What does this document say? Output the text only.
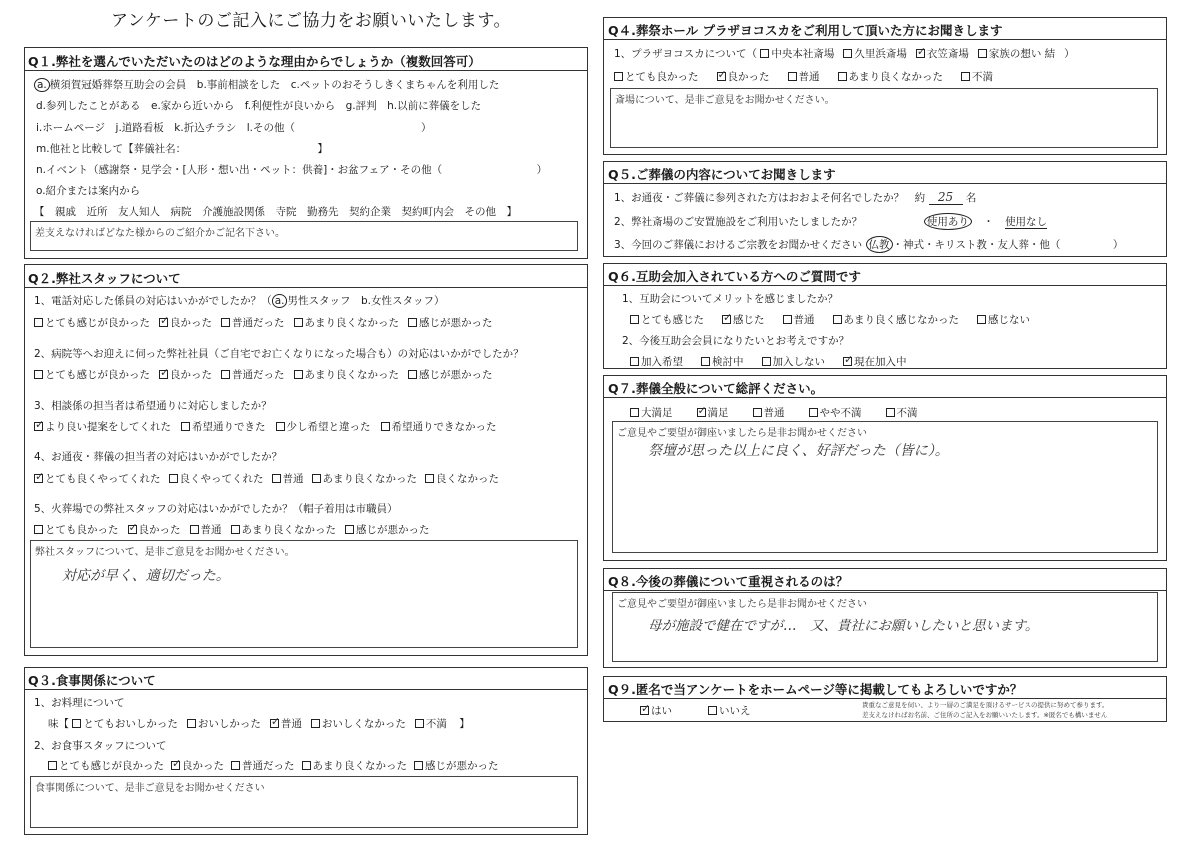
アンケートのご記入にご協力をお願いいたします。
Q１.弊社を選んでいただいたのはどのような理由からでしょうか（複数回答可）
a. 横須賀冠婚葬祭互助会の会員　b.事前相談をした　c.ペットのおそうしきくまちゃんを利用した
d.参列したことがある　e.家から近いから　f.利便性が良いから　g.評判　h.以前に葬儀をした
i.ホームページ　j.道路看板　k.折込チラシ　l.その他（　　　　　　　　　　　　）
m.他社と比較して【葬儀社名：　　　　　　　　　　　　　】
n.イベント（感謝祭・見学会・[人形・想い出・ペット：供養]・お盆フェア・その他（　　　　　　　　　）
o.紹介または案内から
【　親戚　近所　友人知人　病院　介護施設関係　寺院　勤務先　契約企業　契約町内会　その他　】
差支えなければどなた様からのご紹介かご記名下さい。
Q２.弊社スタッフについて
1、電話対応した係員の対応はいかがでしたか？（ a. 男性スタッフ　b.女性スタッフ）
とても感じが良かった ✓ 良かった 普通だった あまり良くなかった 感じが悪かった
2、病院等へお迎えに伺った弊社社員（ご自宅でお亡くなりになった場合も）の対応はいかがでしたか？
とても感じが良かった ✓ 良かった 普通だった あまり良くなかった 感じが悪かった
3、相談係の担当者は希望通りに対応しましたか？
✓より良い提案をしてくれた 希望通りできた 少し希望と違った 希望通りできなかった
4、お通夜・葬儀の担当者の対応はいかがでしたか？
✓とても良くやってくれた 良くやってくれた 普通 あまり良くなかった 良くなかった
5、火葬場での弊社スタッフの対応はいかがでしたか？（帽子着用は市職員）
とても良かった ✓ 良かった 普通 あまり良くなかった 感じが悪かった
弊社スタッフについて、是非ご意見をお聞かせください。
対応が早く、適切だった。
Q３.食事関係について
1、お料理について
味【 とてもおいしかった おいしかった ✓ 普通 おいしくなかった 不満 】
2、お食事スタッフについて
とても感じが良かった ✓ 良かった 普通だった あまり良くなかった 感じが悪かった
食事関係について、是非ご意見をお聞かせください
Q４.葬祭ホール プラザヨコスカをご利用して頂いた方にお聞きします
1、プラザヨコスカについて（ 中央本社斎場 久里浜斎場 ✓ 衣笠斎場 家族の想い 結 ）
とても良かった ✓	良かった	普通	あまり良くなかった	不満
斎場について、是非ご意見をお聞かせください。
Q５.ご葬儀の内容についてお聞きします
1、お通夜・ご葬儀に参列された方はおおよそ何名でしたか？　約 25 名
2、弊社斎場のご安置施設をご利用いたしましたか？	使用あり ・ 使用なし
3、今回のご葬儀におけるご宗教をお聞かせください 仏教 ・神式・キリスト教・友人葬・他（　　　　　）
Q６.互助会加入されている方へのご質問です
1、互助会についてメリットを感じましたか？
とても感じた ✓	感じた	普通	あまり良く感じなかった	感じない
2、今後互助会会員になりたいとお考えですか？
加入希望	検討中	加入しない ✓	現在加入中
Q７.葬儀全般について総評ください。
大満足 ✓	満足	普通	やや不満	不満
ご意見やご要望が御座いましたら是非お聞かせください
祭壇が思った以上に良く、好評だった（皆に）。
Q８.今後の葬儀について重視されるのは？
ご意見やご要望が御座いましたら是非お聞かせください
母が施設で健在ですが…　又、貴社にお願いしたいと思います。
Q９.匿名で当アンケートをホームページ等に掲載してもよろしいですか？
✓はい	いいえ	貴重なご意見を伺い、より一層のご満足を頂けるサービスの提供に努めて参ります。
差支えなければお名前、ご住所のご記入をお願いいたします。※匿名でも構いません
